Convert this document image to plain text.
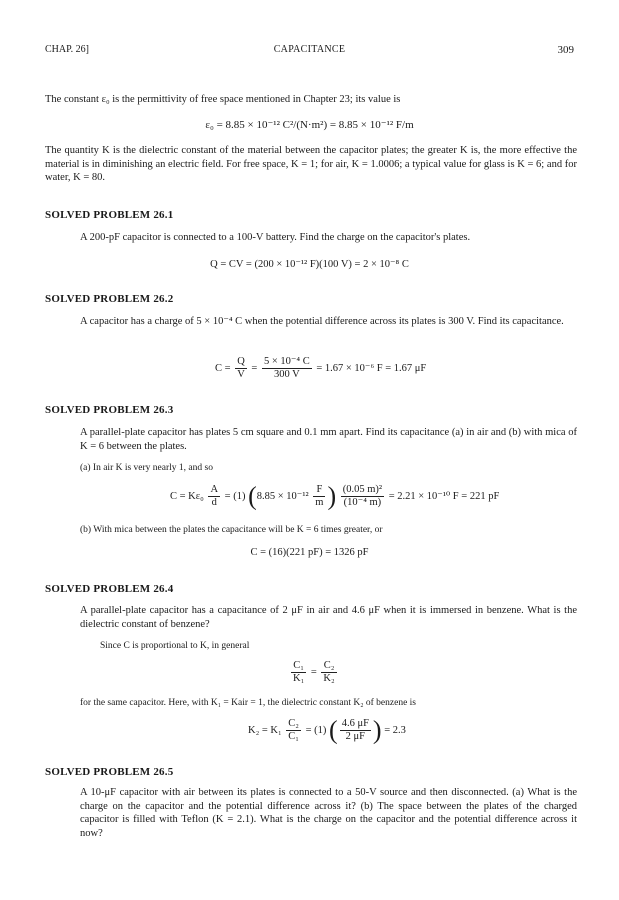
CHAP. 26]	CAPACITANCE	309
The constant ε₀ is the permittivity of free space mentioned in Chapter 23; its value is
ε₀ = 8.85 × 10⁻¹² C²/(N·m²) = 8.85 × 10⁻¹² F/m
The quantity K is the dielectric constant of the material between the capacitor plates; the greater K is, the more effective the material is in diminishing an electric field. For free space, K = 1; for air, K = 1.0006; a typical value for glass is K = 6; and for water, K = 80.
SOLVED PROBLEM 26.1
A 200-pF capacitor is connected to a 100-V battery. Find the charge on the capacitor's plates.
Q = CV = (200 × 10⁻¹² F)(100 V) = 2 × 10⁻⁸ C
SOLVED PROBLEM 26.2
A capacitor has a charge of 5 × 10⁻⁴ C when the potential difference across its plates is 300 V. Find its capacitance.
$C = \frac{Q}{V} = \frac{\text{5 × 10⁻⁴ C}}{300 V} = 1.67 \times 10^{-6}$ F = 1.67 μF
SOLVED PROBLEM 26.3
A parallel-plate capacitor has plates 5 cm square and 0.1 mm apart. Find its capacitance (a) in air and (b) with mica of K = 6 between the plates.
(a) In air K is very nearly 1, and so
$C = K\varepsilon_0 \frac{A}{d} = (1) (8.85 \times 10^{-12} \frac{F}{m}$ ) $\frac{\text{(0.05 m)²}}{\text{(10⁻⁴ m)}} = 2.21 \times 10^{-10}$ F = 221 pF
(b) With mica between the plates the capacitance will be K = 6 times greater, or
C = (16)(221 pF) = 1326 pF
SOLVED PROBLEM 26.4
A parallel-plate capacitor has a capacitance of 2 μF in air and 4.6 μF when it is immersed in benzene. What is the dielectric constant of benzene?
Since C is proportional to K, in general
$\frac{\text{C₁}}{\text{K₁}} = \frac{\text{C₂}}{\text{K₂}}$
for the same capacitor. Here, with K₁ = Kair = 1, the dielectric constant K₂ of benzene is
$K_2 = K_1 \frac{\text{C₂}}{\text{C₁}} = (1)$ ( $\frac{4.6 \mu F}{2 \mu F}$ ) = 2.3
SOLVED PROBLEM 26.5
A 10-μF capacitor with air between its plates is connected to a 50-V source and then disconnected. (a) What is the charge on the capacitor and the potential difference across it? (b) The space between the plates of the charged capacitor is filled with Teflon (K = 2.1). What is the charge on the capacitor and the potential difference across it now?
